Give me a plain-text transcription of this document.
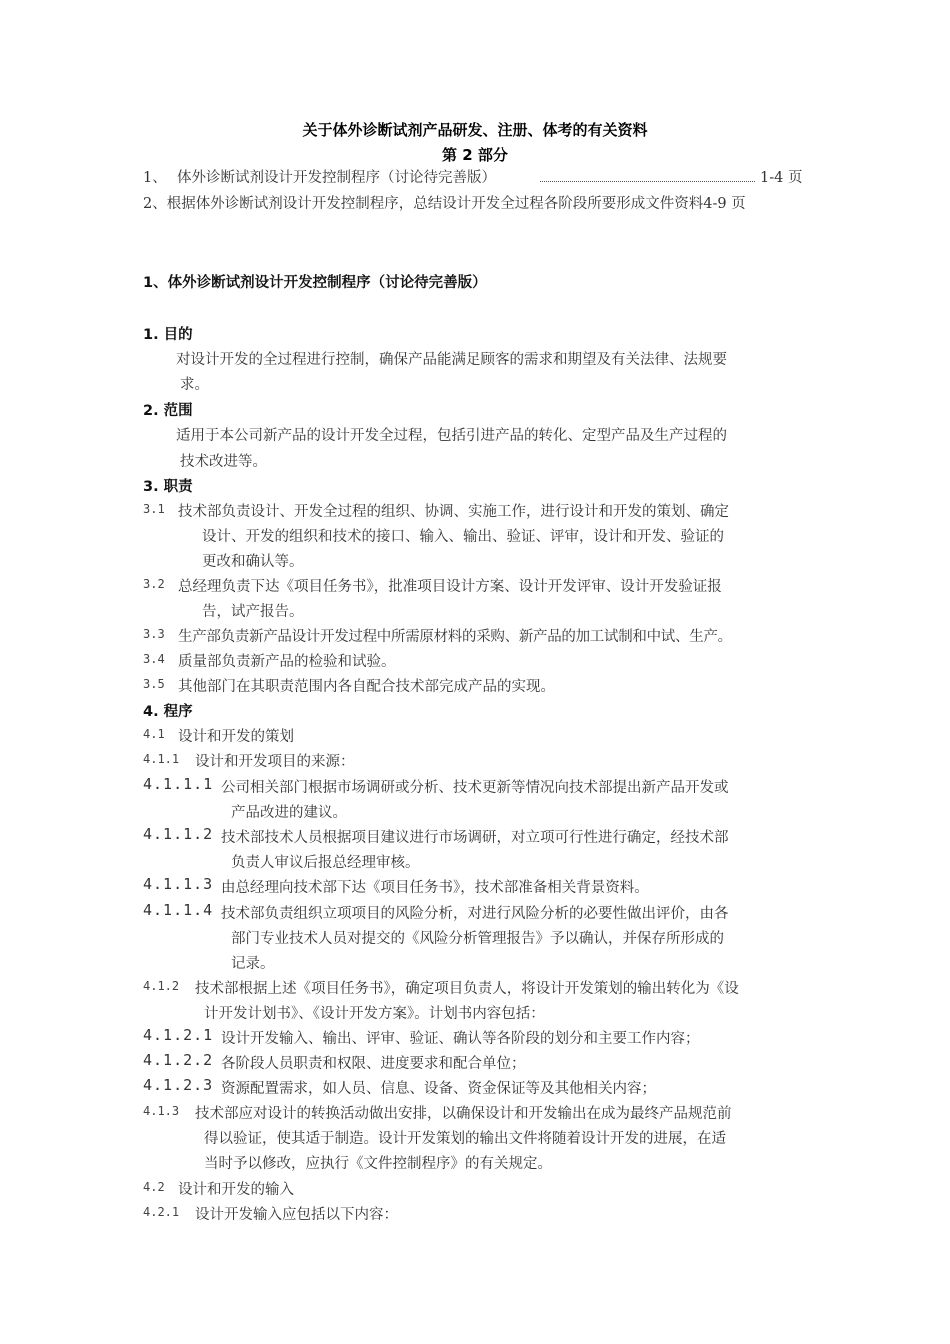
关于体外诊断试剂产品研发、注册、体考的有关资料
第 2 部分
1、 体外诊断试剂设计开发控制程序（讨论待完善版）	1-4 页
2、根据体外诊断试剂设计开发控制程序，总结设计开发全过程各阶段所要形成文件资料4-9 页
1、体外诊断试剂设计开发控制程序（讨论待完善版）
1. 目的
对设计开发的全过程进行控制，确保产品能满足顾客的需求和期望及有关法律、法规要
求。
2. 范围
适用于本公司新产品的设计开发全过程，包括引进产品的转化、定型产品及生产过程的
技术改进等。
3. 职责
3.1 技术部负责设计、开发全过程的组织、协调、实施工作，进行设计和开发的策划、确定
设计、开发的组织和技术的接口、输入、输出、验证、评审，设计和开发、验证的
更改和确认等。
3.2 总经理负责下达《项目任务书》，批准项目设计方案、设计开发评审、设计开发验证报
告，试产报告。
3.3 生产部负责新产品设计开发过程中所需原材料的采购、新产品的加工试制和中试、生产。
3.4 质量部负责新产品的检验和试验。
3.5 其他部门在其职责范围内各自配合技术部完成产品的实现。
4. 程序
4.1 设计和开发的策划
4.1.1 设计和开发项目的来源：
4.1.1.1 公司相关部门根据市场调研或分析、技术更新等情况向技术部提出新产品开发或
产品改进的建议。
4.1.1.2 技术部技术人员根据项目建议进行市场调研，对立项可行性进行确定，经技术部
负责人审议后报总经理审核。
4.1.1.3 由总经理向技术部下达《项目任务书》，技术部准备相关背景资料。
4.1.1.4 技术部负责组织立项项目的风险分析，对进行风险分析的必要性做出评价，由各
部门专业技术人员对提交的《风险分析管理报告》予以确认，并保存所形成的
记录。
4.1.2 技术部根据上述《项目任务书》，确定项目负责人，将设计开发策划的输出转化为《设
计开发计划书》、《设计开发方案》。计划书内容包括：
4.1.2.1 设计开发输入、输出、评审、验证、确认等各阶段的划分和主要工作内容；
4.1.2.2 各阶段人员职责和权限、进度要求和配合单位；
4.1.2.3 资源配置需求，如人员、信息、设备、资金保证等及其他相关内容；
4.1.3 技术部应对设计的转换活动做出安排，以确保设计和开发输出在成为最终产品规范前
得以验证，使其适于制造。设计开发策划的输出文件将随着设计开发的进展，在适
当时予以修改，应执行《文件控制程序》的有关规定。
4.2 设计和开发的输入
4.2.1 设计开发输入应包括以下内容：
